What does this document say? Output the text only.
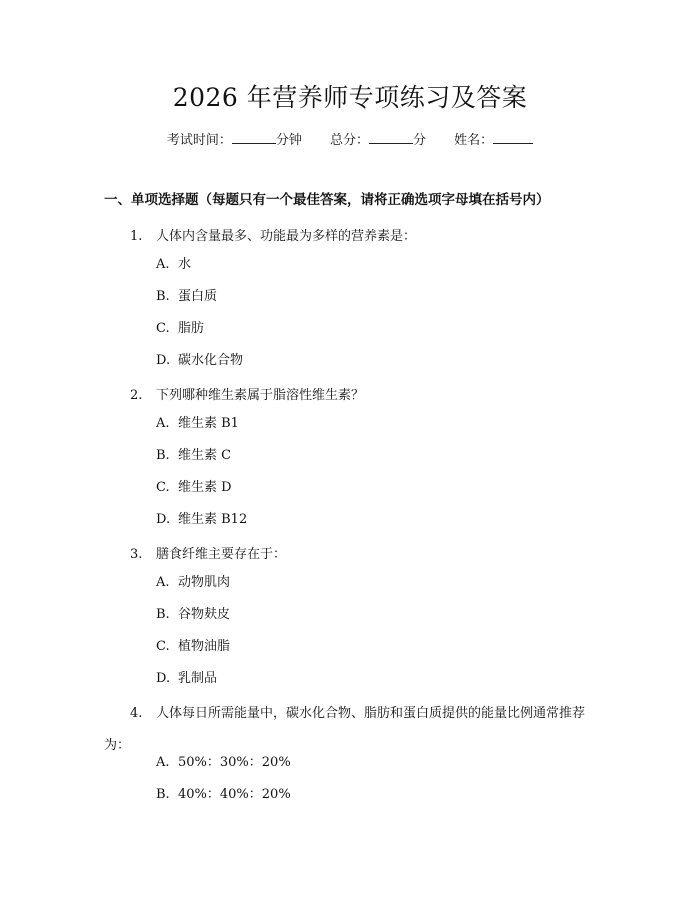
2026 年营养师专项练习及答案
考试时间：	分钟 总分：	分 姓名：
一、单项选择题（每题只有一个最佳答案，请将正确选项字母填在括号内）
1. 人体内含量最多、功能最为多样的营养素是：
A. 水
B. 蛋白质
C. 脂肪
D. 碳水化合物
2. 下列哪种维生素属于脂溶性维生素？
A. 维生素 B1
B. 维生素 C
C. 维生素 D
D. 维生素 B12
3. 膳食纤维主要存在于：
A. 动物肌肉
B. 谷物麸皮
C. 植物油脂
D. 乳制品
4. 人体每日所需能量中，碳水化合物、脂肪和蛋白质提供的能量比例通常推荐为：
A. 50%：30%：20%
B. 40%：40%：20%
